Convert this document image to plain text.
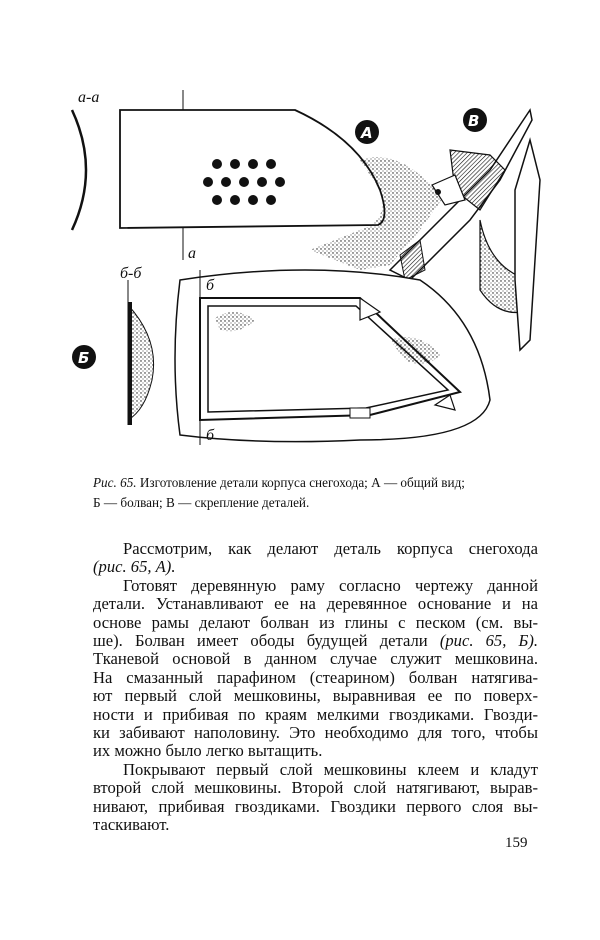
а-а
а
А
В
б-б
Б
б
б
Рис. 65. Изготовление детали корпуса снегохода; А — общий вид;
Б — болван; В — скрепление деталей.
Рассмотрим, как делают деталь корпуса снегохода
(рис. 65, А).
Готовят деревянную раму согласно чертежу данной
детали. Устанавливают ее на деревянное основание и на
основе рамы делают болван из глины с песком (см. вы-
ше). Болван имеет ободы будущей детали (рис. 65, Б).
Тканевой основой в данном случае служит мешковина.
На смазанный парафином (стеарином) болван натягива-
ют первый слой мешковины, выравнивая ее по поверх-
ности и прибивая по краям мелкими гвоздиками. Гвозди-
ки забивают наполовину. Это необходимо для того, чтобы
их можно было легко вытащить.
Покрывают первый слой мешковины клеем и кладут
второй слой мешковины. Второй слой натягивают, вырав-
нивают, прибивая гвоздиками. Гвоздики первого слоя вы-
таскивают.
159
